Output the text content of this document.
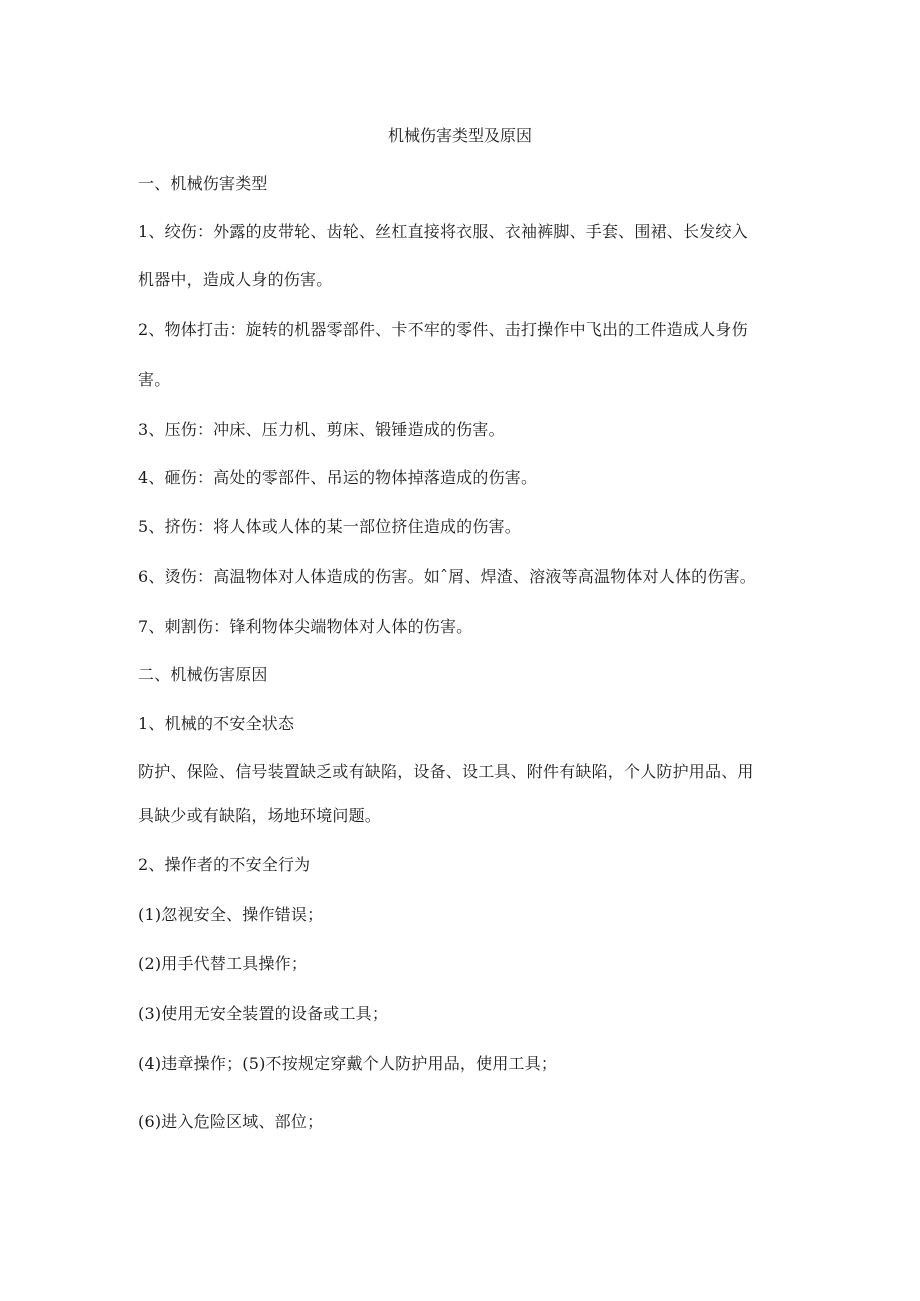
机械伤害类型及原因
一、机械伤害类型
1、绞伤：外露的皮带轮、齿轮、丝杠直接将衣服、衣袖裤脚、手套、围裙、长发绞入
机器中，造成人身的伤害。
2、物体打击：旋转的机器零部件、卡不牢的零件、击打操作中飞出的工件造成人身伤
害。
3、压伤：冲床、压力机、剪床、锻锤造成的伤害。
4、砸伤：高处的零部件、吊运的物体掉落造成的伤害。
5、挤伤：将人体或人体的某一部位挤住造成的伤害。
6、烫伤：高温物体对人体造成的伤害。如ˆ屑、焊渣、溶液等高温物体对人体的伤害。
7、刺割伤：锋利物体尖端物体对人体的伤害。
二、机械伤害原因
1、机械的不安全状态
防护、保险、信号装置缺乏或有缺陷，设备、设工具、附件有缺陷，个人防护用品、用
具缺少或有缺陷，场地环境问题。
2、操作者的不安全行为
(1)忽视安全、操作错误；
(2)用手代替工具操作；
(3)使用无安全装置的设备或工具；
(4)违章操作；(5)不按规定穿戴个人防护用品，使用工具；
(6)进入危险区域、部位；
